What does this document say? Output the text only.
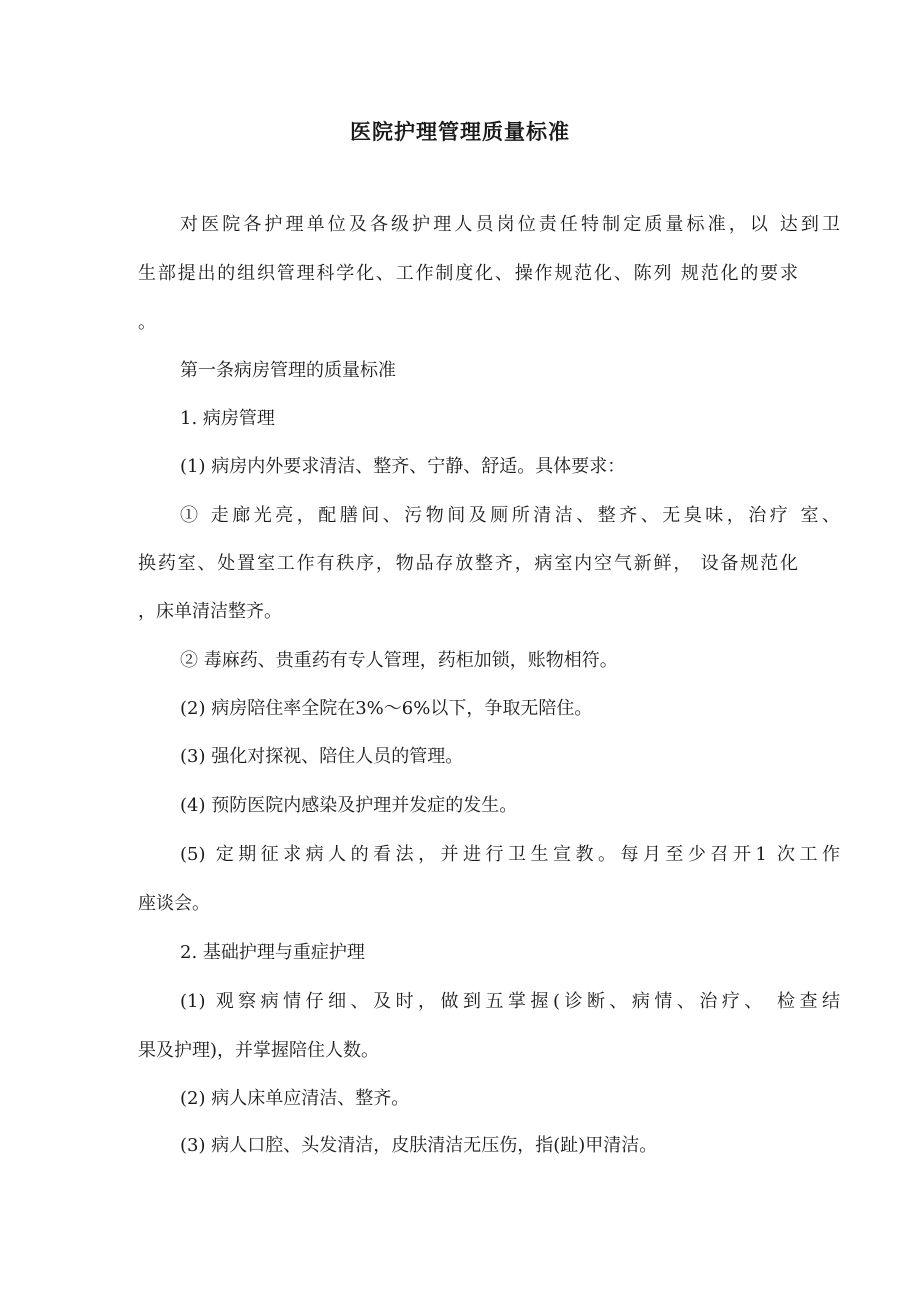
医院护理管理质量标准
对医院各护理单位及各级护理人员岗位责任特制定质量标准，以 达到卫
生部提出的组织管理科学化、工作制度化、操作规范化、陈列 规范化的要求
。
第一条病房管理的质量标准
1. 病房管理
(1) 病房内外要求清洁、整齐、宁静、舒适。具体要求：
① 走廊光亮，配膳间、污物间及厕所清洁、整齐、无臭味，治疗 室、
换药室、处置室工作有秩序，物品存放整齐，病室内空气新鲜， 设备规范化
，床单清洁整齐。
② 毒麻药、贵重药有专人管理，药柜加锁，账物相符。
(2) 病房陪住率全院在3%〜6%以下，争取无陪住。
(3) 强化对探视、陪住人员的管理。
(4) 预防医院内感染及护理并发症的发生。
(5) 定期征求病人的看法，并进行卫生宣教。每月至少召开1 次工作
座谈会。
2. 基础护理与重症护理
(1) 观察病情仔细、及时，做到五掌握(诊断、病情、治疗、 检查结
果及护理)，并掌握陪住人数。
(2) 病人床单应清洁、整齐。
(3) 病人口腔、头发清洁，皮肤清洁无压伤，指(趾)甲清洁。
